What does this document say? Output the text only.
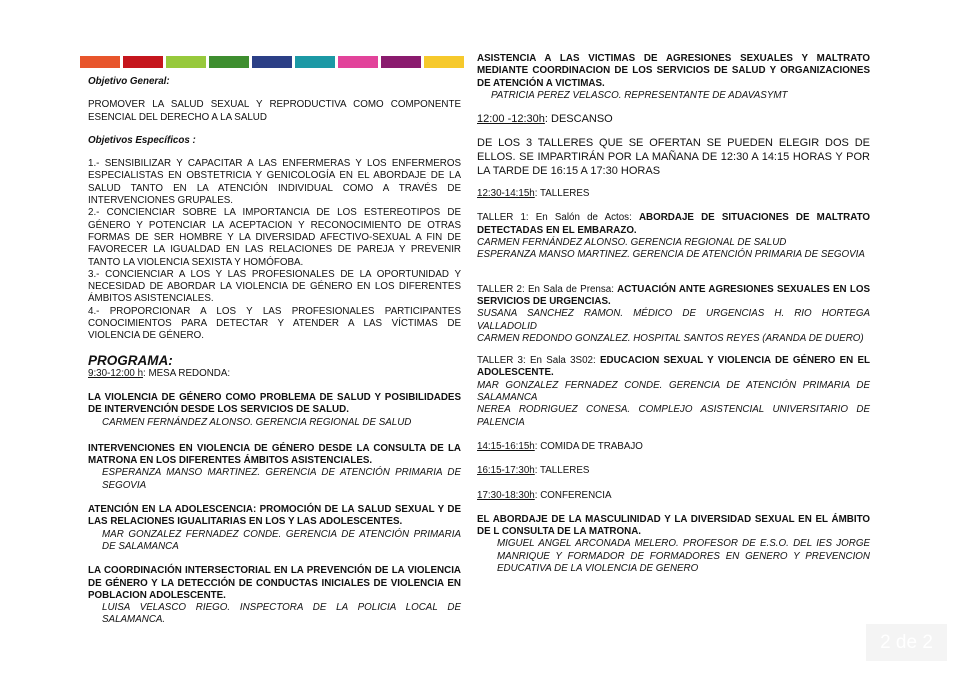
Objetivo General:

PROMOVER LA SALUD SEXUAL Y REPRODUCTIVA COMO COMPONENTE ESENCIAL DEL DERECHO A LA SALUD

Objetivos Específicos :

1.- SENSIBILIZAR Y CAPACITAR A LAS ENFERMERAS Y LOS ENFERMEROS ESPECIALISTAS EN OBSTETRICIA Y GENICOLOGÍA EN EL ABORDAJE DE LA SALUD TANTO EN LA ATENCIÓN INDIVIDUAL COMO A TRAVÉS DE INTERVENCIONES GRUPALES.

2.- CONCIENCIAR SOBRE LA IMPORTANCIA DE LOS ESTEREOTIPOS DE GÉNERO Y POTENCIAR LA ACEPTACION Y RECONOCIMIENTO DE OTRAS FORMAS DE SER HOMBRE Y LA DIVERSIDAD AFECTIVO-SEXUAL A FIN DE FAVORECER LA IGUALDAD EN LAS RELACIONES DE PAREJA Y PREVENIR TANTO LA VIOLENCIA SEXISTA Y HOMÓFOBA.

3.- CONCIENCIAR A LOS Y LAS PROFESIONALES DE LA OPORTUNIDAD Y NECESIDAD DE ABORDAR LA VIOLENCIA DE GÉNERO EN LOS DIFERENTES ÁMBITOS ASISTENCIALES.

4.- PROPORCIONAR A LOS Y LAS PROFESIONALES PARTICIPANTES CONOCIMIENTOS PARA DETECTAR Y ATENDER A LAS VÍCTIMAS DE VIOLENCIA DE GÉNERO.

PROGRAMA:

9:30-12:00 h: MESA REDONDA:

LA VIOLENCIA DE GÉNERO COMO PROBLEMA DE SALUD Y POSIBILIDADES DE INTERVENCIÓN DESDE LOS SERVICIOS DE SALUD.

CARMEN FERNÁNDEZ ALONSO. GERENCIA REGIONAL DE SALUD

INTERVENCIONES EN VIOLENCIA DE GÉNERO DESDE LA CONSULTA DE LA MATRONA EN LOS DIFERENTES ÁMBITOS ASISTENCIALES.

ESPERANZA MANSO MARTINEZ. GERENCIA DE ATENCIÓN PRIMARIA DE SEGOVIA

ATENCIÓN EN LA ADOLESCENCIA: PROMOCIÓN DE LA SALUD SEXUAL Y DE LAS RELACIONES IGUALITARIAS EN LOS Y LAS ADOLESCENTES.

MAR GONZALEZ FERNADEZ CONDE. GERENCIA DE ATENCIÓN PRIMARIA DE SALAMANCA

LA COORDINACIÓN INTERSECTORIAL EN LA PREVENCIÓN DE LA VIOLENCIA DE GÉNERO Y LA DETECCIÓN DE CONDUCTAS INICIALES DE VIOLENCIA EN POBLACION ADOLESCENTE.

LUISA VELASCO RIEGO. INSPECTORA DE LA POLICIA LOCAL DE SALAMANCA.

ASISTENCIA A LAS VICTIMAS DE AGRESIONES SEXUALES Y MALTRATO MEDIANTE COORDINACION DE LOS SERVICIOS DE SALUD Y ORGANIZACIONES DE ATENCIÓN A VICTIMAS.

PATRICIA PEREZ VELASCO. REPRESENTANTE DE ADAVASYMT

12:00 -12:30h: DESCANSO

DE LOS 3 TALLERES QUE SE OFERTAN SE PUEDEN ELEGIR DOS DE ELLOS. SE IMPARTIRÁN POR LA MAÑANA DE 12:30 A 14:15 HORAS Y POR LA TARDE DE 16:15 A 17:30 HORAS

12:30-14:15h: TALLERES

TALLER 1: En Salón de Actos: ABORDAJE DE SITUACIONES DE MALTRATO DETECTADAS EN EL EMBARAZO.

CARMEN FERNÁNDEZ ALONSO. GERENCIA REGIONAL DE SALUD

ESPERANZA MANSO MARTINEZ. GERENCIA DE ATENCIÓN PRIMARIA DE SEGOVIA

TALLER 2: En Sala de Prensa: ACTUACIÓN ANTE AGRESIONES SEXUALES EN LOS SERVICIOS DE URGENCIAS.

SUSANA SANCHEZ RAMON. MÉDICO DE URGENCIAS H. RIO HORTEGA VALLADOLID

CARMEN REDONDO GONZALEZ. HOSPITAL SANTOS REYES (ARANDA DE DUERO)

TALLER 3: En Sala 3S02: EDUCACION SEXUAL Y VIOLENCIA DE GÉNERO EN EL ADOLESCENTE.

MAR GONZALEZ FERNADEZ CONDE. GERENCIA DE ATENCIÓN PRIMARIA DE SALAMANCA

NEREA RODRIGUEZ CONESA. COMPLEJO ASISTENCIAL UNIVERSITARIO DE PALENCIA

14:15-16:15h: COMIDA DE TRABAJO

16:15-17:30h: TALLERES

17:30-18:30h: CONFERENCIA

EL ABORDAJE DE LA MASCULINIDAD Y LA DIVERSIDAD SEXUAL EN EL ÁMBITO DE L CONSULTA DE LA MATRONA.

MIGUEL ANGEL ARCONADA MELERO. PROFESOR DE E.S.O. DEL IES JORGE MANRIQUE Y FORMADOR DE FORMADORES EN GENERO Y PREVENCION EDUCATIVA DE LA VIOLENCIA DE GENERO

2 de 2
